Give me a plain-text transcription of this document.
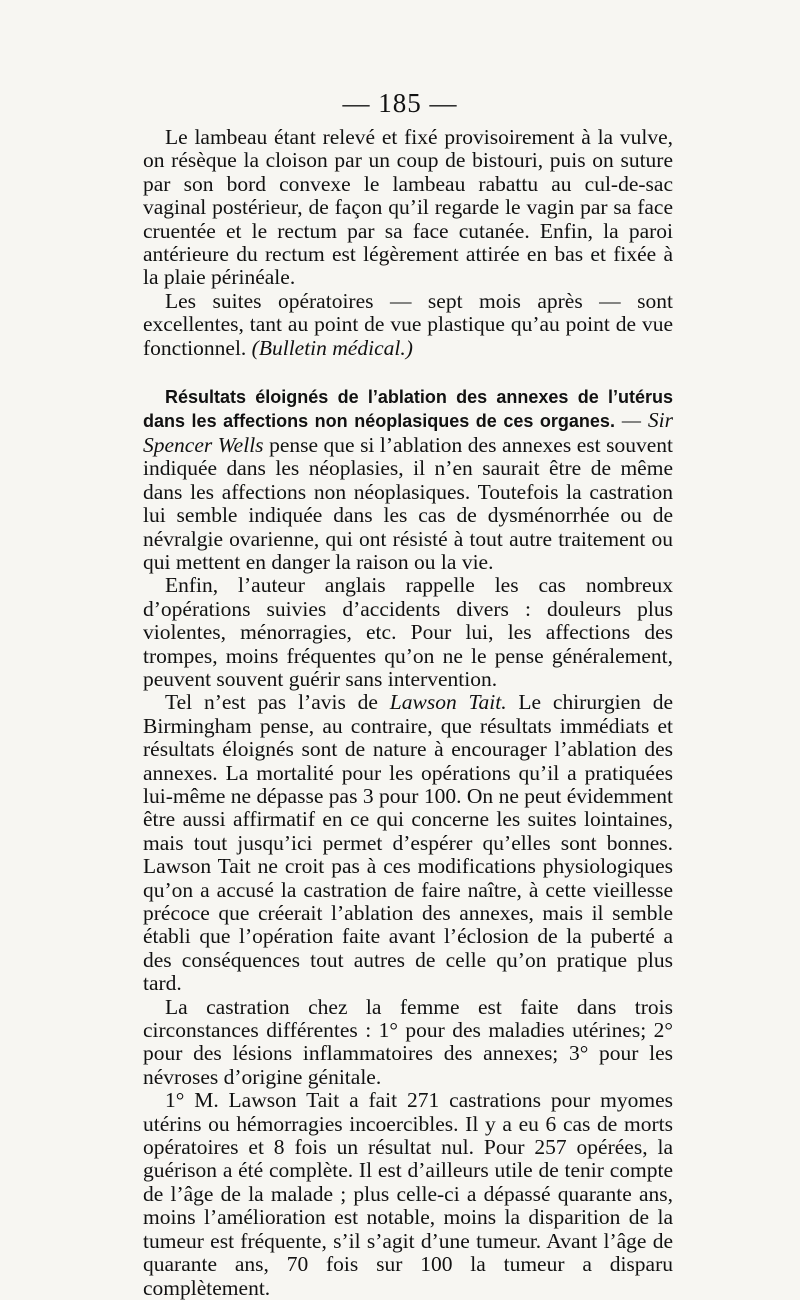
— 185 —

Le lambeau étant relevé et fixé provisoirement à la vulve, on résèque la cloison par un coup de bistouri, puis on suture par son bord convexe le lambeau rabattu au cul-de-sac vaginal postérieur, de façon qu’il regarde le vagin par sa face cruentée et le rectum par sa face cutanée. Enfin, la paroi antérieure du rectum est légèrement attirée en bas et fixée à la plaie périnéale.

Les suites opératoires — sept mois après — sont excellentes, tant au point de vue plastique qu’au point de vue fonctionnel. (Bulletin médical.)

Résultats éloignés de l’ablation des annexes de l’utérus dans les affections non néoplasiques de ces organes. — Sir Spencer Wells pense que si l’ablation des annexes est souvent indiquée dans les néoplasies, il n’en saurait être de même dans les affections non néoplasiques. Toutefois la castration lui semble indiquée dans les cas de dysménorrhée ou de névralgie ovarienne, qui ont résisté à tout autre traitement ou qui mettent en danger la raison ou la vie.

Enfin, l’auteur anglais rappelle les cas nombreux d’opérations suivies d’accidents divers : douleurs plus violentes, ménorragies, etc. Pour lui, les affections des trompes, moins fréquentes qu’on ne le pense généralement, peuvent souvent guérir sans intervention.

Tel n’est pas l’avis de Lawson Tait. Le chirurgien de Birmingham pense, au contraire, que résultats immédiats et résultats éloignés sont de nature à encourager l’ablation des annexes. La mortalité pour les opérations qu’il a pratiquées lui-même ne dépasse pas 3 pour 100. On ne peut évidemment être aussi affirmatif en ce qui concerne les suites lointaines, mais tout jusqu’ici permet d’espérer qu’elles sont bonnes. Lawson Tait ne croit pas à ces modifications physiologiques qu’on a accusé la castration de faire naître, à cette vieillesse précoce que créerait l’ablation des annexes, mais il semble établi que l’opération faite avant l’éclosion de la puberté a des conséquences tout autres de celle qu’on pratique plus tard.

La castration chez la femme est faite dans trois circonstances différentes : 1° pour des maladies utérines; 2° pour des lésions inflammatoires des annexes; 3° pour les névroses d’origine génitale.

1° M. Lawson Tait a fait 271 castrations pour myomes utérins ou hémorragies incoercibles. Il y a eu 6 cas de morts opératoires et 8 fois un résultat nul. Pour 257 opérées, la guérison a été complète. Il est d’ailleurs utile de tenir compte de l’âge de la malade ; plus celle-ci a dépassé quarante ans, moins l’amélioration est notable, moins la disparition de la tumeur est fréquente, s’il s’agit d’une tumeur. Avant l’âge de quarante ans, 70 fois sur 100 la tumeur a disparu complètement.
